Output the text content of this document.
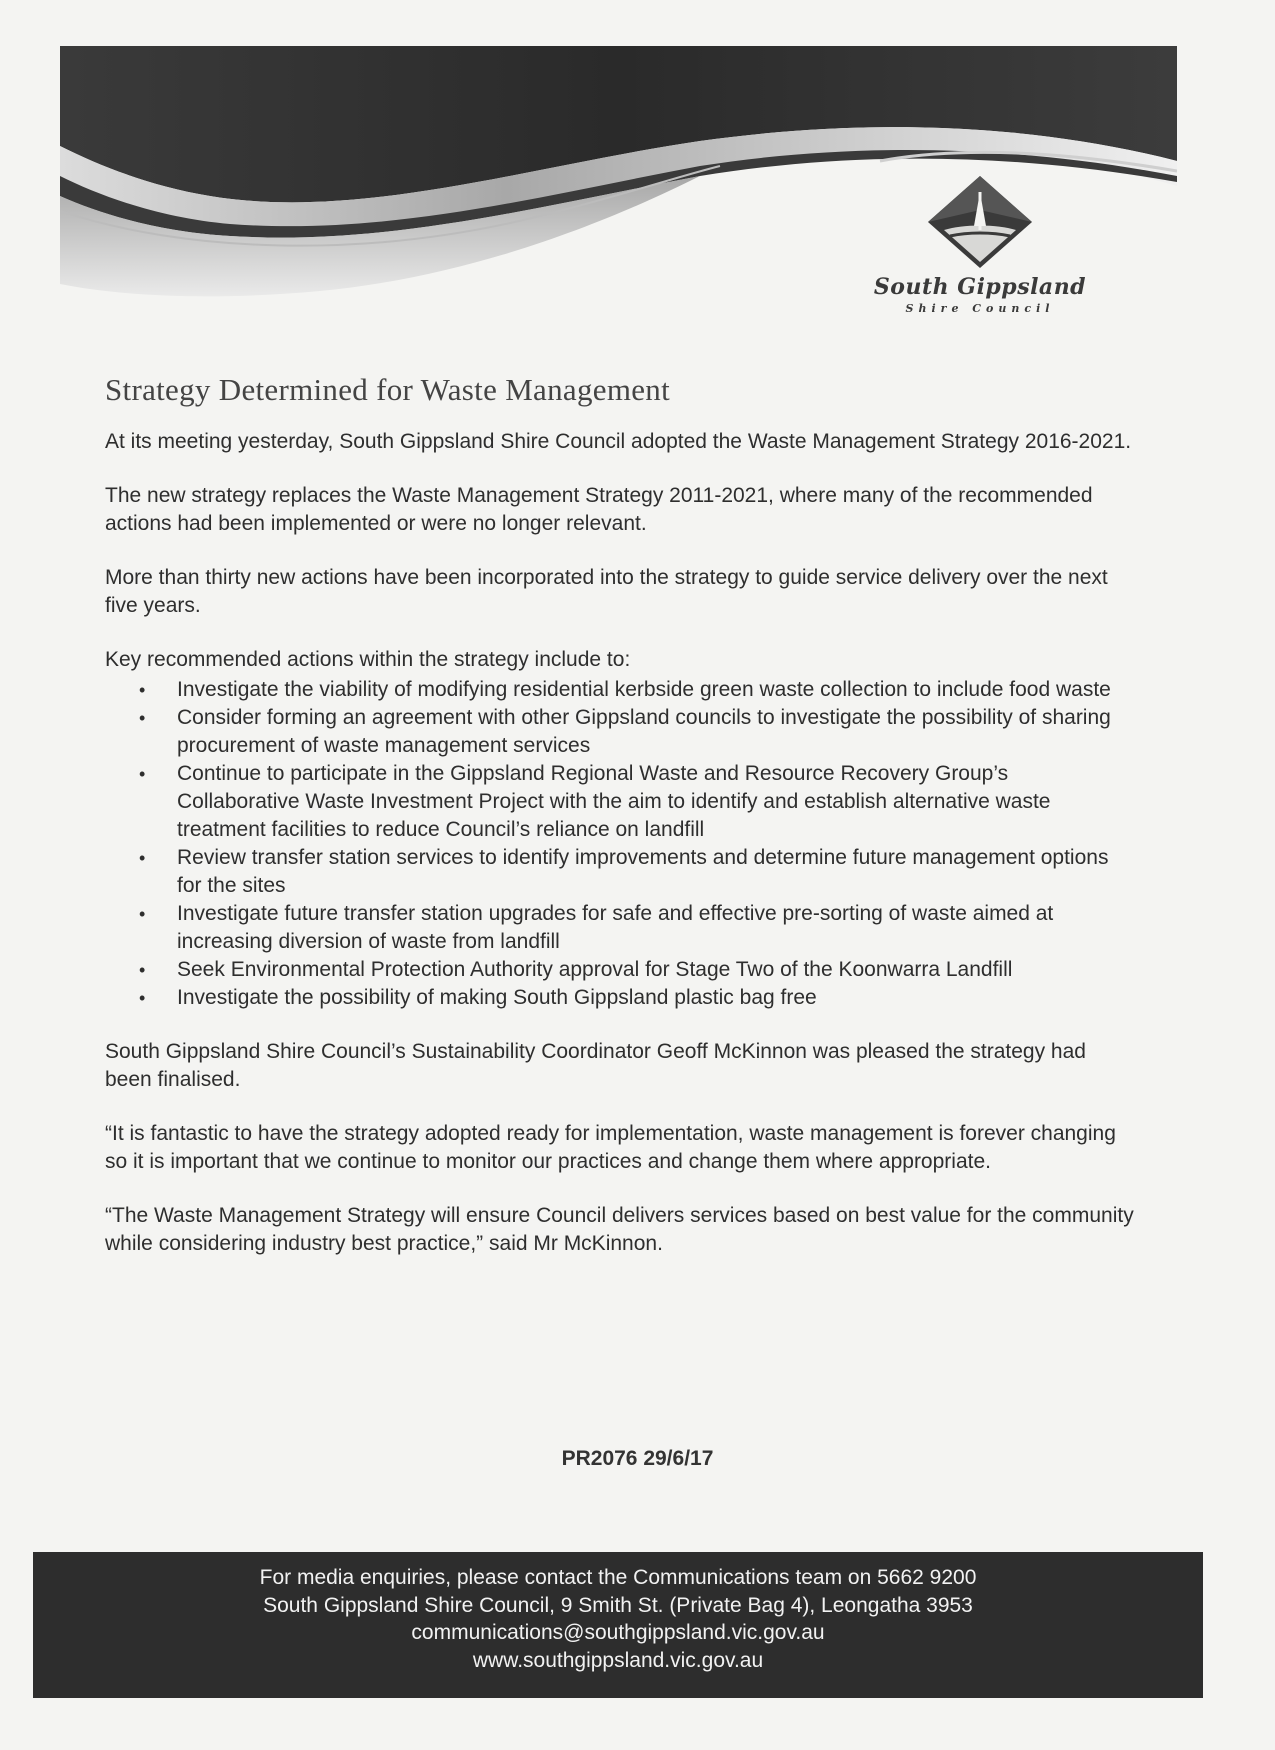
South Gippsland
Shire Council
Strategy Determined for Waste Management

At its meeting yesterday, South Gippsland Shire Council adopted the Waste Management Strategy 2016-2021.

The new strategy replaces the Waste Management Strategy 2011-2021, where many of the recommended actions had been implemented or were no longer relevant.

More than thirty new actions have been incorporated into the strategy to guide service delivery over the next five years.

Key recommended actions within the strategy include to:

• Investigate the viability of modifying residential kerbside green waste collection to include food waste
• Consider forming an agreement with other Gippsland councils to investigate the possibility of sharing procurement of waste management services
• Continue to participate in the Gippsland Regional Waste and Resource Recovery Group’s Collaborative Waste Investment Project with the aim to identify and establish alternative waste treatment facilities to reduce Council’s reliance on landfill
• Review transfer station services to identify improvements and determine future management options for the sites
• Investigate future transfer station upgrades for safe and effective pre-sorting of waste aimed at increasing diversion of waste from landfill
• Seek Environmental Protection Authority approval for Stage Two of the Koonwarra Landfill
• Investigate the possibility of making South Gippsland plastic bag free

South Gippsland Shire Council’s Sustainability Coordinator Geoff McKinnon was pleased the strategy had been finalised.

“It is fantastic to have the strategy adopted ready for implementation, waste management is forever changing so it is important that we continue to monitor our practices and change them where appropriate.

“The Waste Management Strategy will ensure Council delivers services based on best value for the community while considering industry best practice,” said Mr McKinnon.

PR2076 29/6/17
For media enquiries, please contact the Communications team on 5662 9200
South Gippsland Shire Council, 9 Smith St. (Private Bag 4), Leongatha 3953
communications@southgippsland.vic.gov.au
www.southgippsland.vic.gov.au
